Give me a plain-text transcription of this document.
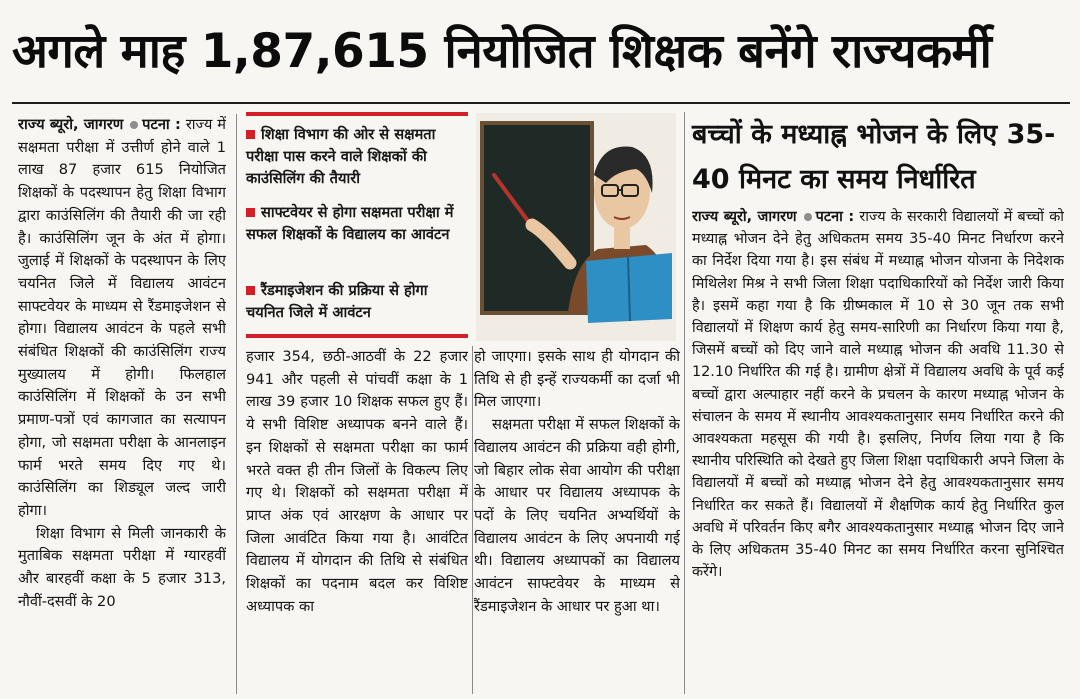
अगले माह 1,87,615 नियोजित शिक्षक बनेंगे राज्यकर्मी

राज्य ब्यूरो, जागरण पटना : राज्य में सक्षमता परीक्षा में उत्तीर्ण होने वाले 1 लाख 87 हजार 615 नियोजित शिक्षकों के पदस्थापन हेतु शिक्षा विभाग द्वारा काउंसिलिंग की तैयारी की जा रही है। काउंसिलिंग जून के अंत में होगा। जुलाई में शिक्षकों के पदस्थापन के लिए चयनित जिले में विद्यालय आवंटन साफ्टवेयर के माध्यम से रैंडमाइजेशन से होगा। विद्यालय आवंटन के पहले सभी संबंधित शिक्षकों की काउंसिलिंग राज्य मुख्यालय में होगी। फिलहाल काउंसिलिंग में शिक्षकों के उन सभी प्रमाण-पत्रों एवं कागजात का सत्यापन होगा, जो सक्षमता परीक्षा के आनलाइन फार्म भरते समय दिए गए थे। काउंसिलिंग का शिड्यूल जल्द जारी होगा।

शिक्षा विभाग से मिली जानकारी के मुताबिक सक्षमता परीक्षा में ग्यारहवीं और बारहवीं कक्षा के 5 हजार 313, नौवीं-दसवीं के 20

शिक्षा विभाग की ओर से सक्षमता परीक्षा पास करने वाले शिक्षकों की काउंसिलिंग की तैयारी
साफ्टवेयर से होगा सक्षमता परीक्षा में सफल शिक्षकों के विद्यालय का आवंटन
रैंडमाइजेशन की प्रक्रिया से होगा चयनित जिले में आवंटन

हजार 354, छठी-आठवीं के 22 हजार 941 और पहली से पांचवीं कक्षा के 1 लाख 39 हजार 10 शिक्षक सफल हुए हैं। ये सभी विशिष्ट अध्यापक बनने वाले हैं। इन शिक्षकों से सक्षमता परीक्षा का फार्म भरते वक्त ही तीन जिलों के विकल्प लिए गए थे। शिक्षकों को सक्षमता परीक्षा में प्राप्त अंक एवं आरक्षण के आधार पर जिला आवंटित किया गया है। आवंटित विद्यालय में योगदान की तिथि से संबंधित शिक्षकों का पदनाम बदल कर विशिष्ट अध्यापक का

हो जाएगा। इसके साथ ही योगदान की तिथि से ही इन्हें राज्यकर्मी का दर्जा भी मिल जाएगा।

सक्षमता परीक्षा में सफल शिक्षकों के विद्यालय आवंटन की प्रक्रिया वही होगी, जो बिहार लोक सेवा आयोग की परीक्षा के आधार पर विद्यालय अध्यापक के पदों के लिए चयनित अभ्यर्थियों के विद्यालय आवंटन के लिए अपनायी गई थी। विद्यालय अध्यापकों का विद्यालय आवंटन साफ्टवेयर के माध्यम से रैंडमाइजेशन के आधार पर हुआ था।

बच्चों के मध्याह्न भोजन के लिए 35-40 मिनट का समय निर्धारित

राज्य ब्यूरो, जागरण पटना : राज्य के सरकारी विद्यालयों में बच्चों को मध्याह्न भोजन देने हेतु अधिकतम समय 35-40 मिनट निर्धारण करने का निर्देश दिया गया है। इस संबंध में मध्याह्न भोजन योजना के निदेशक मिथिलेश मिश्र ने सभी जिला शिक्षा पदाधिकारियों को निर्देश जारी किया है। इसमें कहा गया है कि ग्रीष्मकाल में 10 से 30 जून तक सभी विद्यालयों में शिक्षण कार्य हेतु समय-सारिणी का निर्धारण किया गया है, जिसमें बच्चों को दिए जाने वाले मध्याह्न भोजन की अवधि 11.30 से 12.10 निर्धारित की गई है। ग्रामीण क्षेत्रों में विद्यालय अवधि के पूर्व कई बच्चों द्वारा अल्पाहार नहीं करने के प्रचलन के कारण मध्याह्न भोजन के संचालन के समय में स्थानीय आवश्यकतानुसार समय निर्धारित करने की आवश्यकता महसूस की गयी है। इसलिए, निर्णय लिया गया है कि स्थानीय परिस्थिति को देखते हुए जिला शिक्षा पदाधिकारी अपने जिला के विद्यालयों में बच्चों को मध्याह्न भोजन देने हेतु आवश्यकतानुसार समय निर्धारित कर सकते हैं। विद्यालयों में शैक्षणिक कार्य हेतु निर्धारित कुल अवधि में परिवर्तन किए बगैर आवश्यकतानुसार मध्याह्न भोजन दिए जाने के लिए अधिकतम 35-40 मिनट का समय निर्धारित करना सुनिश्चित करेंगे।
